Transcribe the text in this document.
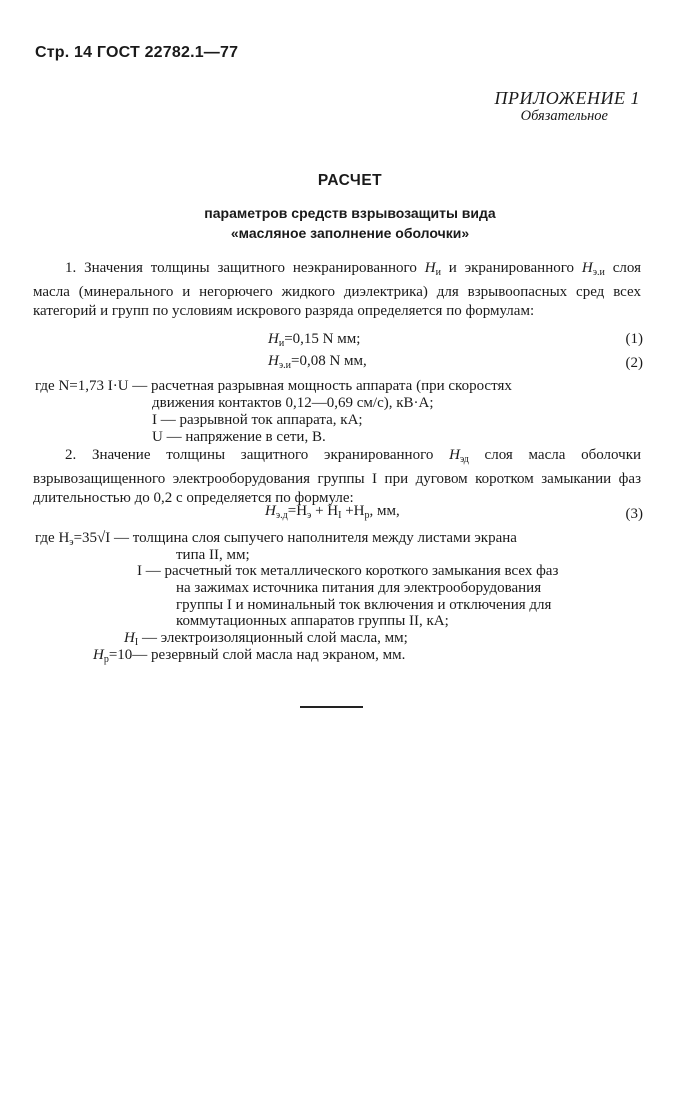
Стр. 14 ГОСТ 22782.1—77
ПРИЛОЖЕНИЕ 1
Обязательное
РАСЧЕТ
параметров средств взрывозащиты вида
«масляное заполнение оболочки»

1. Значения толщины защитного неэкранированного $H_и$ и экранированного $H_{э.и}$ слоя масла (минерального и негорючего жидкого диэлектрика) для взрывоопасных сред всех категорий и групп по условиям искрового разряда определяется по формулам:

$H_и=0,15$ N мм;	(1)
$H_{э.и}=0,08$ N мм,	(2)
где N=1,73 I·U — расчетная разрывная мощность аппарата (при скоростях
движения контактов 0,12—0,69 см/с), кВ·А;
I — разрывной ток аппарата, кА;
U — напряжение в сети, В.

2. Значение толщины защитного экранированного $H_{эд}$ слоя масла оболочки взрывозащищенного электрооборудования группы I при дуговом коротком замыкании фаз длительностью до 0,2 с определяется по формуле:

$H_{э.д}=H_э + H_I +H_р$, мм,	(3)
где $H_э=35√I$ — толщина слоя сыпучего наполнителя между листами экрана
типа II, мм;
I — расчетный ток металлического короткого замыкания всех фаз
на зажимах источника питания для электрооборудования
группы I и номинальный ток включения и отключения для
коммутационных аппаратов группы II, кА;
$H_I$ — электроизоляционный слой масла, мм;
$H_р=10—$ резервный слой масла над экраном, мм.
